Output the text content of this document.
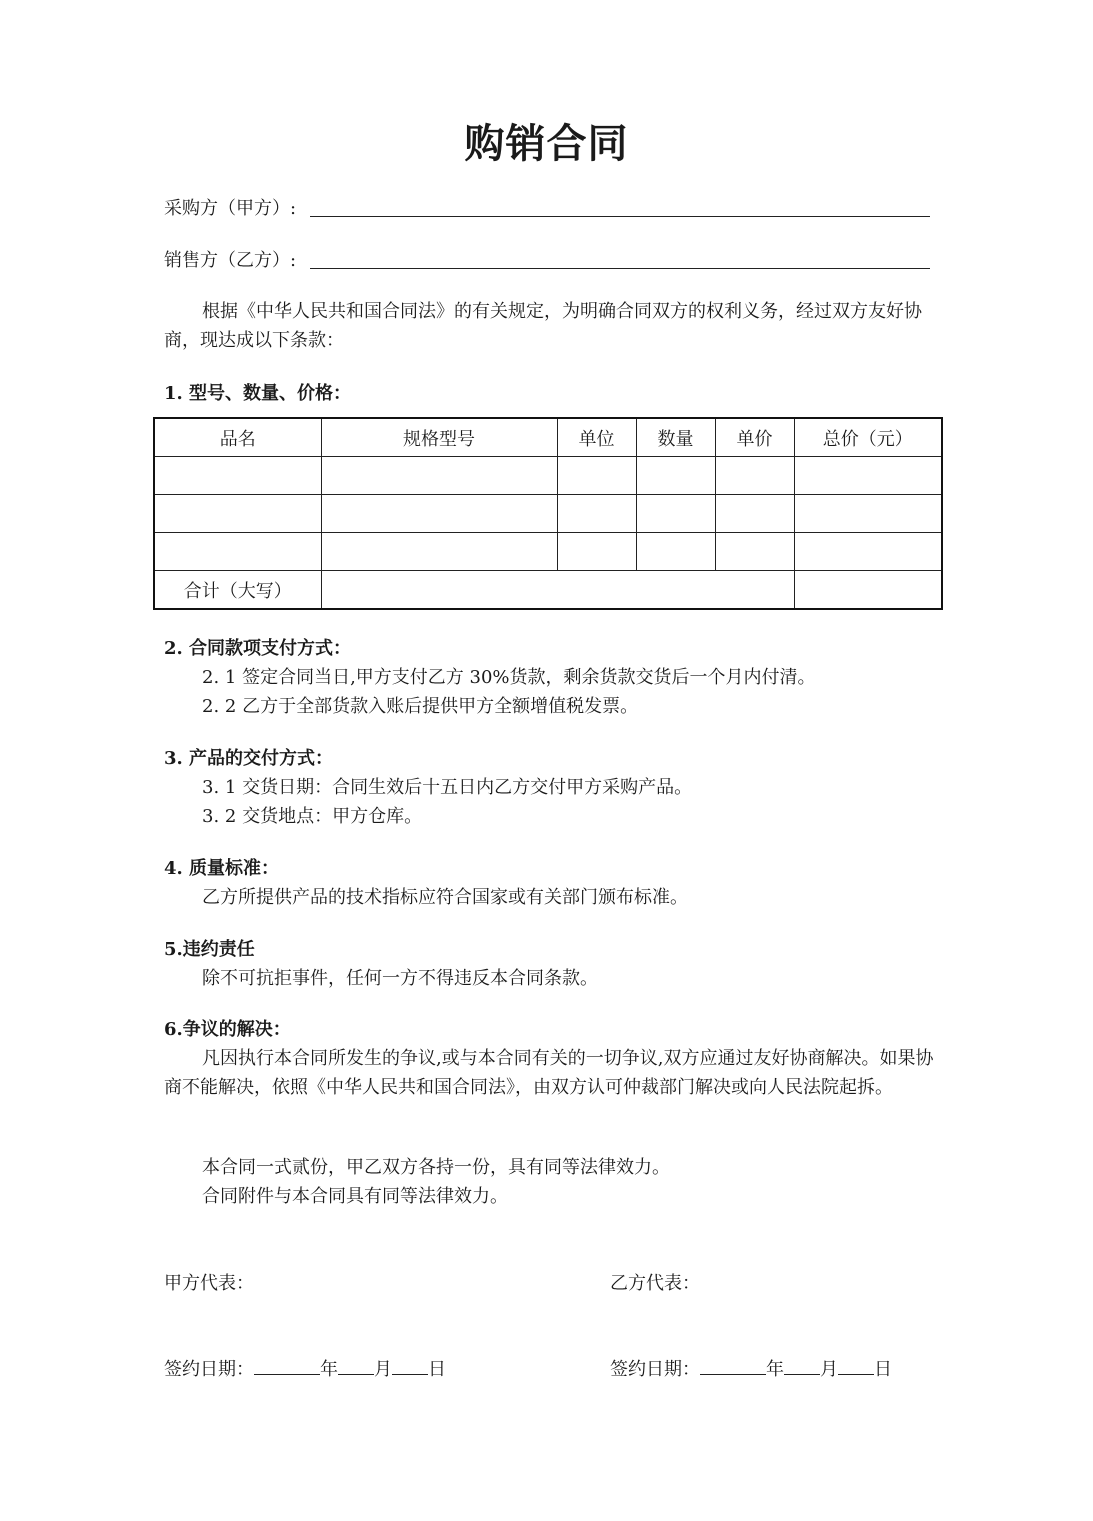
购销合同
采购方（甲方）:
销售方（乙方）:
根据《中华人民共和国合同法》的有关规定，为明确合同双方的权利义务，经过双方友好协商，现达成以下条款：
1. 型号、数量、价格：
品名	规格型号	单位	数量	单价	总价（元）

合计（大写）					
2. 合同款项支付方式：
2. 1 签定合同当日,甲方支付乙方 30%货款，剩余货款交货后一个月内付清。
2. 2 乙方于全部货款入账后提供甲方全额增值税发票。
3. 产品的交付方式：
3. 1 交货日期：合同生效后十五日内乙方交付甲方采购产品。
3. 2 交货地点：甲方仓库。
4. 质量标准：
乙方所提供产品的技术指标应符合国家或有关部门颁布标准。
5.违约责任
除不可抗拒事件，任何一方不得违反本合同条款。
6.争议的解决：
凡因执行本合同所发生的争议,或与本合同有关的一切争议,双方应通过友好协商解决。如果协商不能解决，依照《中华人民共和国合同法》，由双方认可仲裁部门解决或向人民法院起拆。
本合同一式贰份，甲乙双方各持一份，具有同等法律效力。
合同附件与本合同具有同等法律效力。
甲方代表：	乙方代表：
签约日期：	年 月 日	签约日期：	年 月 日
